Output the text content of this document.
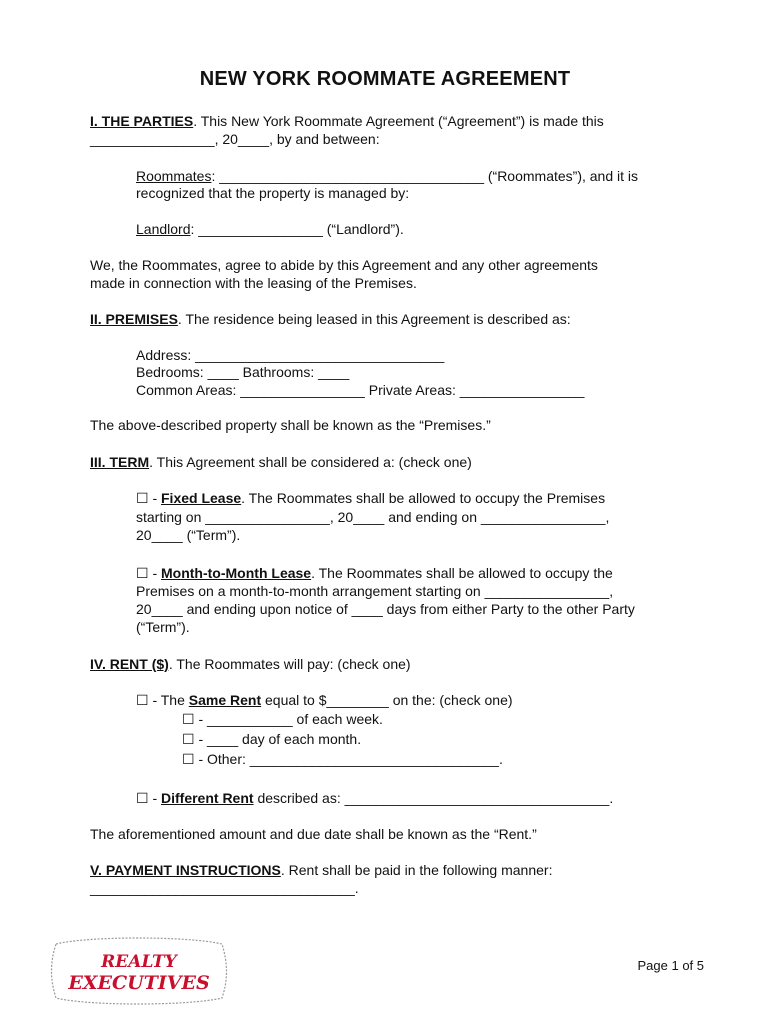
NEW YORK ROOMMATE AGREEMENT
I. THE PARTIES. This New York Roommate Agreement (“Agreement”) is made this
________________, 20____, by and between:
Roommates: __________________________________ (“Roommates”), and it is
recognized that the property is managed by:
Landlord: ________________ (“Landlord”).
We, the Roommates, agree to abide by this Agreement and any other agreements
made in connection with the leasing of the Premises.
II. PREMISES. The residence being leased in this Agreement is described as:
Address: ________________________________
Bedrooms: ____ Bathrooms: ____
Common Areas: ________________ Private Areas: ________________
The above-described property shall be known as the “Premises.”
III. TERM. This Agreement shall be considered a: (check one)
☐ - Fixed Lease. The Roommates shall be allowed to occupy the Premises
starting on ________________, 20____ and ending on ________________,
20____ (“Term”).
☐ - Month-to-Month Lease. The Roommates shall be allowed to occupy the
Premises on a month-to-month arrangement starting on ________________,
20____ and ending upon notice of ____ days from either Party to the other Party
(“Term”).
IV. RENT ($). The Roommates will pay: (check one)
☐ - The Same Rent equal to $________ on the: (check one)
☐ - ___________ of each week.
☐ - ____ day of each month.
☐ - Other: ________________________________.
☐ - Different Rent described as: __________________________________.
The aforementioned amount and due date shall be known as the “Rent.”
V. PAYMENT INSTRUCTIONS. Rent shall be paid in the following manner:
__________________________________.
REALTY
EXECUTIVES
Page 1 of 5
